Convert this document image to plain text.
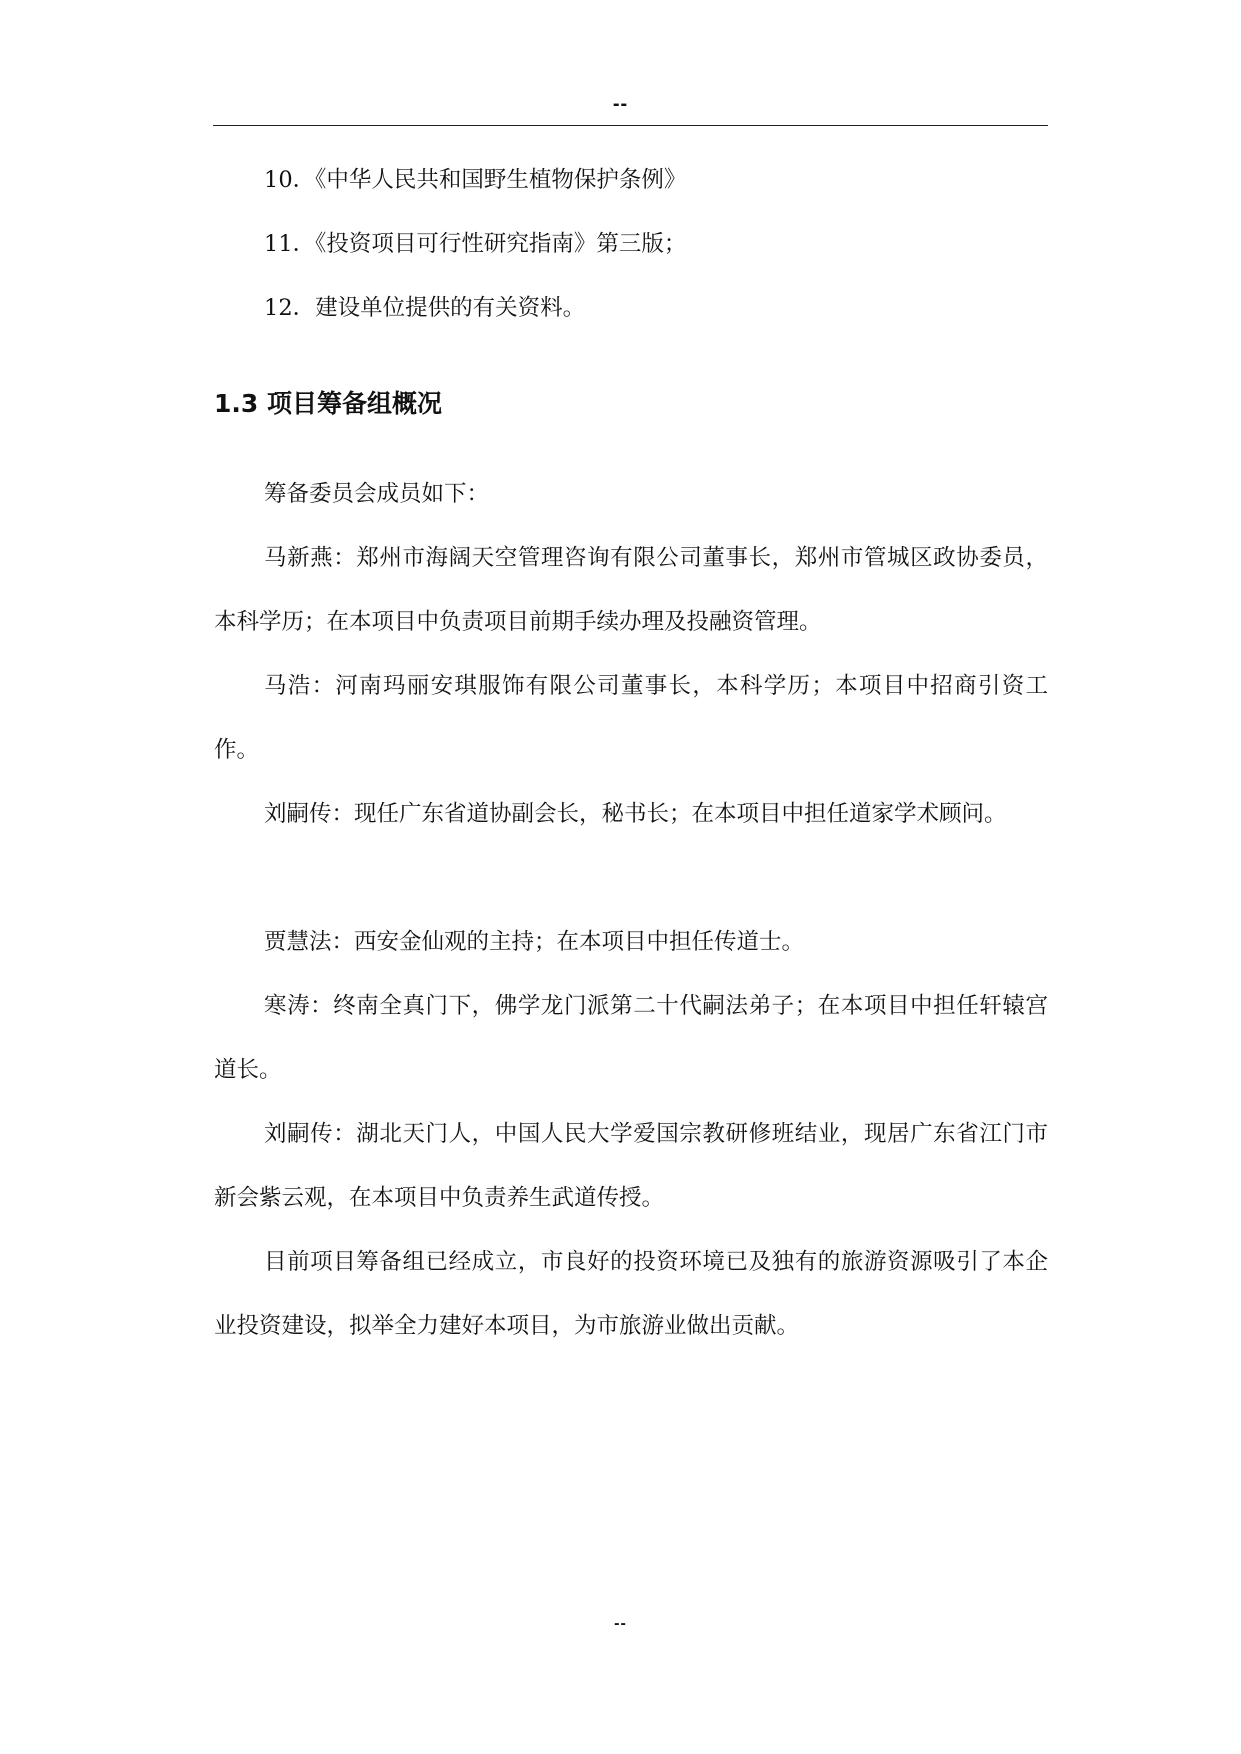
--
10．《中华人民共和国野生植物保护条例》
11．《投资项目可行性研究指南》第三版；
12．建设单位提供的有关资料。
1.3 项目筹备组概况
筹备委员会成员如下：
马新燕：郑州市海阔天空管理咨询有限公司董事长，郑州市管城区政协委员，本科学历；在本项目中负责项目前期手续办理及投融资管理。
马浩：河南玛丽安琪服饰有限公司董事长，本科学历；本项目中招商引资工作。
刘嗣传：现任广东省道协副会长，秘书长；在本项目中担任道家学术顾问。
贾慧法：西安金仙观的主持；在本项目中担任传道士。
寒涛：终南全真门下，佛学龙门派第二十代嗣法弟子；在本项目中担任轩辕宫道长。
刘嗣传：湖北天门人，中国人民大学爱国宗教研修班结业，现居广东省江门市新会紫云观，在本项目中负责养生武道传授。
目前项目筹备组已经成立，市良好的投资环境已及独有的旅游资源吸引了本企业投资建设，拟举全力建好本项目，为市旅游业做出贡献。
--
